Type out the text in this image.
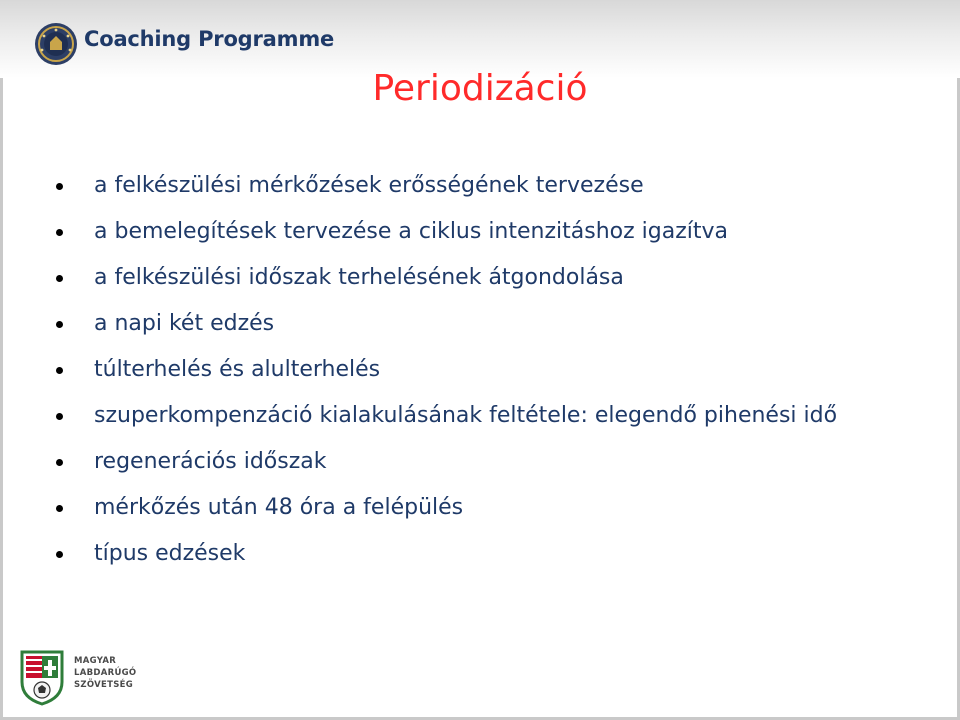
Coaching Programme
Periodizáció
a felkészülési mérkőzések erősségének tervezése
a bemelegítések tervezése a ciklus intenzitáshoz igazítva
a felkészülési időszak terhelésének átgondolása
a napi két edzés
túlterhelés és alulterhelés
szuperkompenzáció kialakulásának feltétele: elegendő pihenési idő
regenerációs időszak
mérkőzés után 48 óra a felépülés
típus edzések
MAGYAR
LABDARÚGÓ
SZÖVETSÉG
